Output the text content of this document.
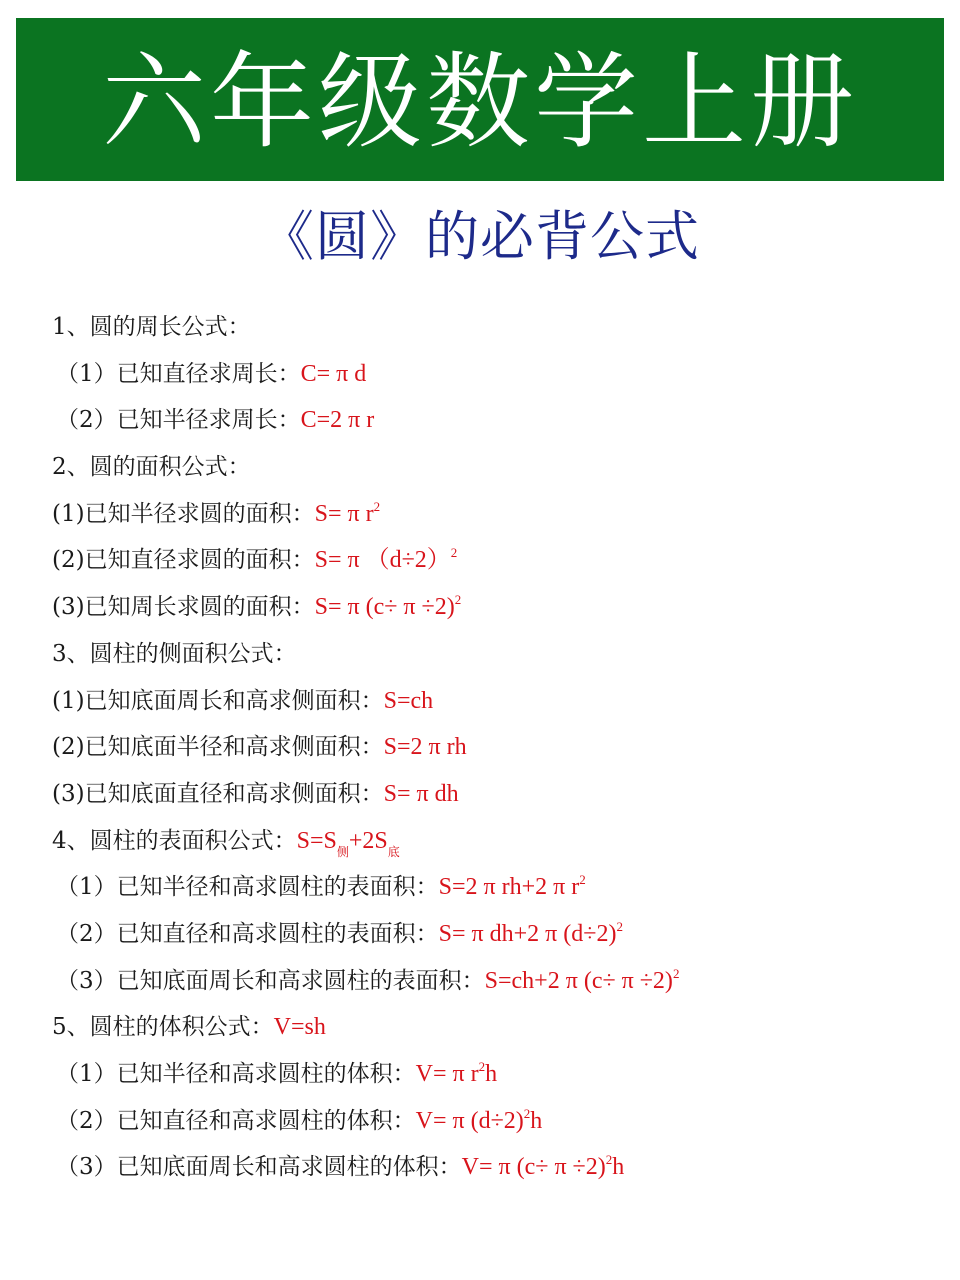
六年级数学上册
《圆》的必背公式
1、圆的周长公式：
（1）已知直径求周长：C= π d
（2）已知半径求周长：C=2 π r
2、圆的面积公式：
(1)已知半径求圆的面积：S= π $r^2$
(2)已知直径求圆的面积：S= π $(d\div 2)^2$
(3)已知周长求圆的面积：S= π $(c\div \pi \div 2)^2$
3、圆柱的侧面积公式：
(1)已知底面周长和高求侧面积：S=ch
(2)已知底面半径和高求侧面积：S=2 π rh
(3)已知底面直径和高求侧面积：S= π dh
4、圆柱的表面积公式：$S=S_侧+2S_底$
（1）已知半径和高求圆柱的表面积：S=2 π rh+2 π $r^2$
（2）已知直径和高求圆柱的表面积：S= π dh+2 π $(d\div 2)^2$
（3）已知底面周长和高求圆柱的表面积：S=ch+2 π $(c\div \pi \div 2)^2$
5、圆柱的体积公式：V=sh
（1）已知半径和高求圆柱的体积：V= π $r^2h$
（2）已知直径和高求圆柱的体积：V= π $(d\div 2)^2h$
（3）已知底面周长和高求圆柱的体积：V= π $(c\div \pi \div 2)^2h$
